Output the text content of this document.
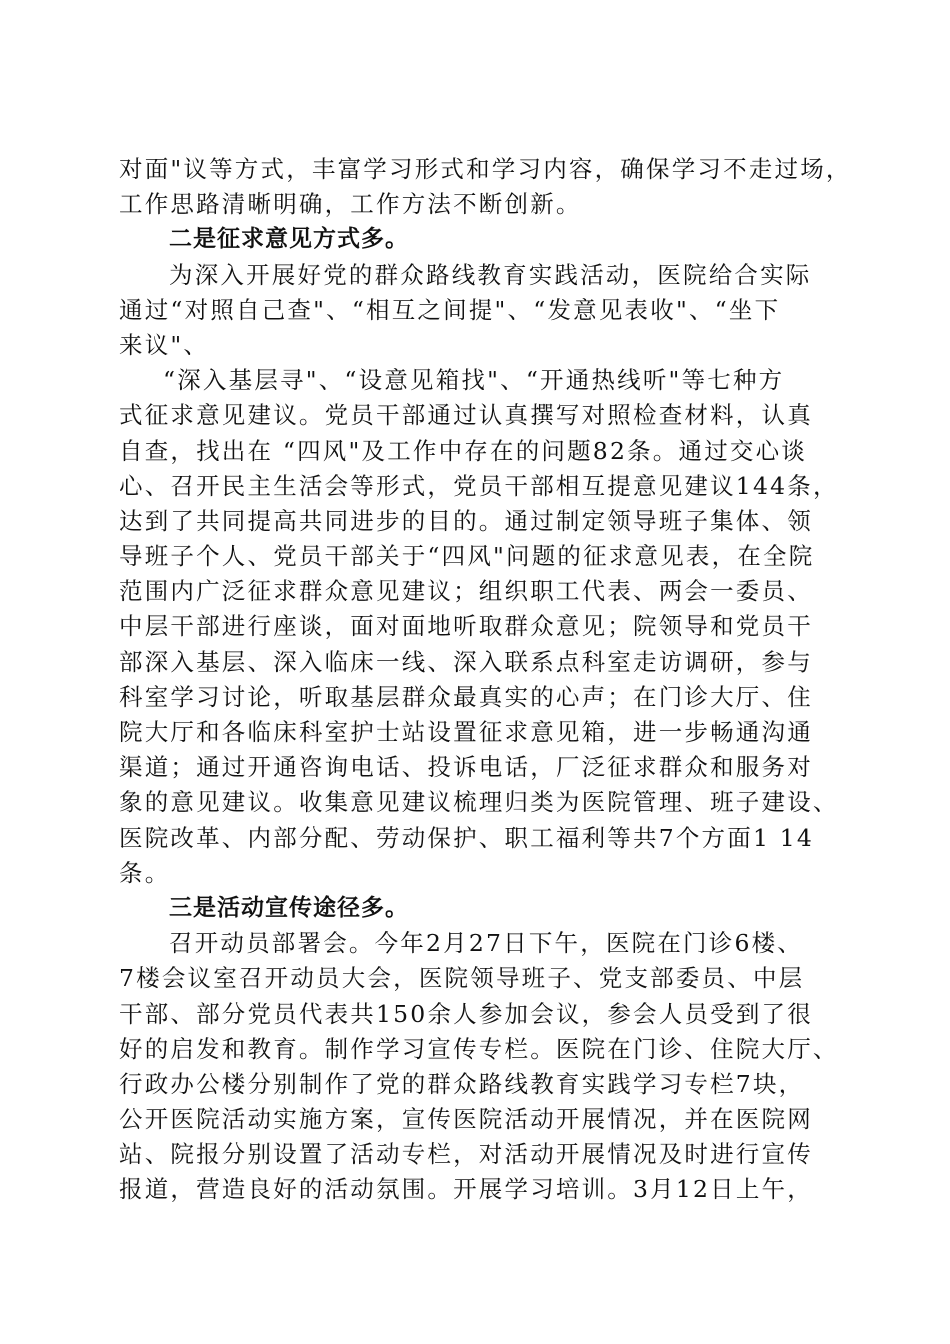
对面"议等方式，丰富学习形式和学习内容，确保学习不走过场，
工作思路清晰明确，工作方法不断创新。
二是征求意见方式多。
为深入开展好党的群众路线教育实践活动，医院给合实际
通过“对照自己查"、“相互之间提"、“发意见表收"、“坐下
来议"、
“深入基层寻"、“设意见箱找"、“开通热线听"等七种方
式征求意见建议。党员干部通过认真撰写对照检查材料，认真
自查，找出在 “四风"及工作中存在的问题82条。通过交心谈
心、召开民主生活会等形式，党员干部相互提意见建议144条，
达到了共同提高共同进步的目的。通过制定领导班子集体、领
导班子个人、党员干部关于“四风"问题的征求意见表，在全院
范围内广泛征求群众意见建议；组织职工代表、两会一委员、
中层干部进行座谈，面对面地听取群众意见；院领导和党员干
部深入基层、深入临床一线、深入联系点科室走访调研，参与
科室学习讨论，听取基层群众最真实的心声；在门诊大厅、住
院大厅和各临床科室护士站设置征求意见箱，进一步畅通沟通
渠道；通过开通咨询电话、投诉电话，厂泛征求群众和服务对
象的意见建议。收集意见建议梳理归类为医院管理、班子建设、
医院改革、内部分配、劳动保护、职工福利等共7个方面1 14
条。
三是活动宣传途径多。
召开动员部署会。今年2月27日下午，医院在门诊6楼、
7楼会议室召开动员大会，医院领导班子、党支部委员、中层
干部、部分党员代表共150余人参加会议，参会人员受到了很
好的启发和教育。制作学习宣传专栏。医院在门诊、住院大厅、
行政办公楼分别制作了党的群众路线教育实践学习专栏7块，
公开医院活动实施方案，宣传医院活动开展情况，并在医院网
站、院报分别设置了活动专栏，对活动开展情况及时进行宣传
报道，营造良好的活动氛围。开展学习培训。3月12日上午，
